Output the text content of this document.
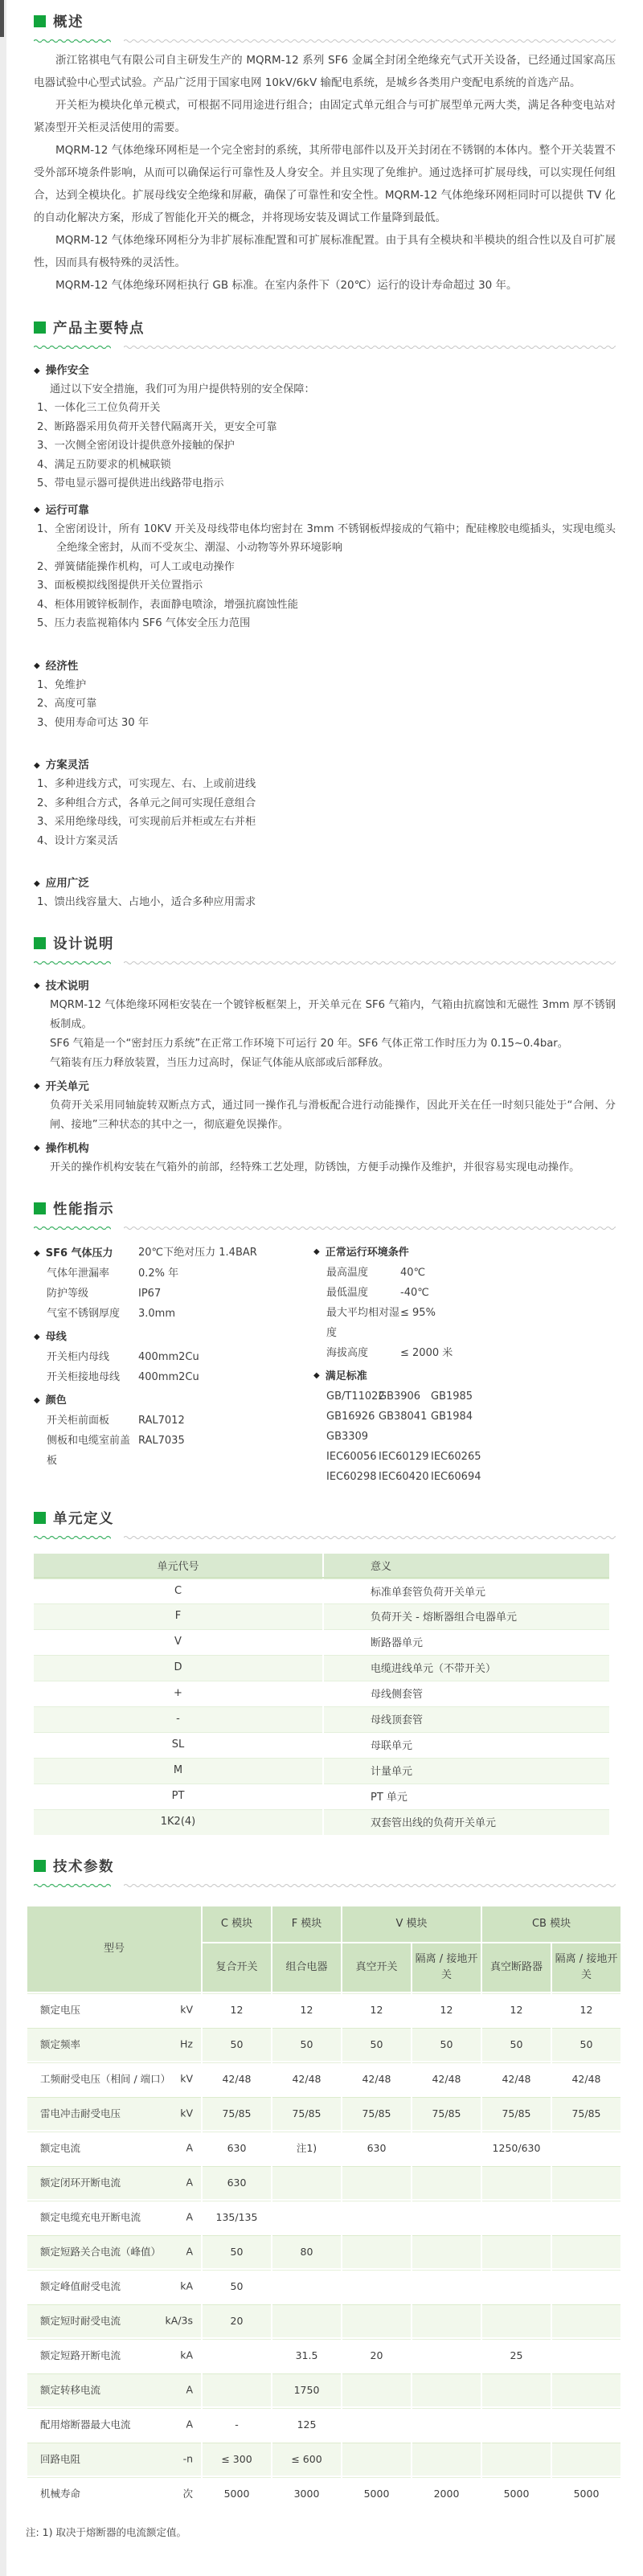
概述

浙江铭祺电气有限公司自主研发生产的 MQRM-12 系列 SF6 金属全封闭全绝缘充气式开关设备，已经通过国家高压电器试验中心型式试验。产品广泛用于国家电网 10kV/6kV 输配电系统，是城乡各类用户变配电系统的首选产品。

开关柜为模块化单元模式，可根据不同用途进行组合；由固定式单元组合与可扩展型单元两大类，满足各种变电站对紧凑型开关柜灵活使用的需要。

MQRM-12 气体绝缘环网柜是一个完全密封的系统，其所带电部件以及开关封闭在不锈钢的本体内。整个开关装置不受外部环境条件影响，从而可以确保运行可靠性及人身安全。并且实现了免维护。通过选择可扩展母线，可以实现任何组合，达到全模块化。扩展母线安全绝缘和屏蔽，确保了可靠性和安全性。MQRM-12 气体绝缘环网柜同时可以提供 TV 化的自动化解决方案，形成了智能化开关的概念，并将现场安装及调试工作量降到最低。

MQRM-12 气体绝缘环网柜分为非扩展标准配置和可扩展标准配置。由于具有全模块和半模块的组合性以及自可扩展性，因而具有极特殊的灵活性。

MQRM-12 气体绝缘环网柜执行 GB 标准。在室内条件下（20℃）运行的设计寿命超过 30 年。

产品主要特点
◆ 操作安全
通过以下安全措施，我们可为用户提供特别的安全保障：
1、一体化三工位负荷开关
2、断路器采用负荷开关替代隔离开关，更安全可靠
3、一次侧全密闭设计提供意外接触的保护
4、满足五防要求的机械联锁
5、带电显示器可提供进出线路带电指示
◆ 运行可靠
1、全密闭设计，所有 10KV 开关及母线带电体均密封在 3mm 不锈钢板焊接成的气箱中；配硅橡胶电缆插头，实现电缆头全绝缘全密封，从而不受灰尘、潮湿、小动物等外界环境影响
2、弹簧储能操作机构，可人工或电动操作
3、面板模拟线图提供开关位置指示
4、柜体用镀锌板制作，表面静电喷涂，增强抗腐蚀性能
5、压力表监视箱体内 SF6 气体安全压力范围
◆ 经济性
1、免维护
2、高度可靠
3、使用寿命可达 30 年
◆ 方案灵活
1、多种进线方式，可实现左、右、上或前进线
2、多种组合方式，各单元之间可实现任意组合
3、采用绝缘母线，可实现前后并柜或左右并柜
4、设计方案灵活
◆ 应用广泛
1、馈出线容量大、占地小，适合多种应用需求
设计说明
◆ 技术说明
MQRM-12 气体绝缘环网柜安装在一个镀锌板框架上，开关单元在 SF6 气箱内，气箱由抗腐蚀和无磁性 3mm 厚不锈钢板制成。
SF6 气箱是一个“密封压力系统”在正常工作环境下可运行 20 年。SF6 气体正常工作时压力为 0.15~0.4bar。
气箱装有压力释放装置，当压力过高时，保证气体能从底部或后部释放。
◆ 开关单元
负荷开关采用同轴旋转双断点方式，通过同一操作孔与滑板配合进行动能操作，因此开关在任一时刻只能处于“合闸、分闸、接地”三种状态的其中之一，彻底避免误操作。
◆ 操作机构
开关的操作机构安装在气箱外的前部，经特殊工艺处理，防锈蚀，方便手动操作及维护，并很容易实现电动操作。
性能指示
◆ SF6 气体压力 20℃下绝对压力 1.4BAR
气体年泄漏率	0.2% 年
防护等级	IP67
气室不锈钢厚度	3.0mm
◆ 母线
开关柜内母线	400mm2Cu
开关柜接地母线	400mm2Cu
◆ 颜色
开关柜前面板	RAL7012
侧板和电缆室前盖板
RAL7035
◆ 正常运行环境条件
最高温度	40℃
最低温度	-40℃
最大平均相对湿度
≤ 95%
海拔高度	≤ 2000 米
◆ 满足标准
GB/T11022
GB3906 GB1985
GB16926 GB38041 GB1984
GB3309
IEC60056 IEC60129 IEC60265
IEC60298 IEC60420 IEC60694
单元定义
单元代号	意义
C	标准单套管负荷开关单元
F	负荷开关 - 熔断器组合电器单元
V	断路器单元
D	电缆进线单元（不带开关）
+	母线侧套管
-	母线顶套管
SL	母联单元
M	计量单元
PT	PT 单元
1K2(4)	双套管出线的负荷开关单元
技术参数
型号	C 模块	F 模块	V 模块		CB 模块	
	复合开关	组合电器	真空开关	隔离 / 接地开关	真空断路器	隔离 / 接地开关
额定电压 kV	12	12	12	12	12	12
额定频率 Hz	50	50	50	50	50	50
工频耐受电压（相间 / 端口） kV	42/48	42/48	42/48	42/48	42/48	42/48
雷电冲击耐受电压 kV	75/85	75/85	75/85	75/85	75/85	75/85
额定电流 A	630	注1)	630		1250/630	
额定闭环开断电流 A	630					
额定电缆充电开断电流 A	135/135					
额定短路关合电流（峰值） A	50	80				
额定峰值耐受电流 kA	50					
额定短时耐受电流 kA/3s	20					
额定短路开断电流 kA		31.5	20		25	
额定转移电流 A		1750				
配用熔断器最大电流 A	-	125				
回路电阻 -n	≤ 300	≤ 600				
机械寿命 次	5000	3000	5000	2000	5000	5000
注: 1) 取决于熔断器的电流额定值。
